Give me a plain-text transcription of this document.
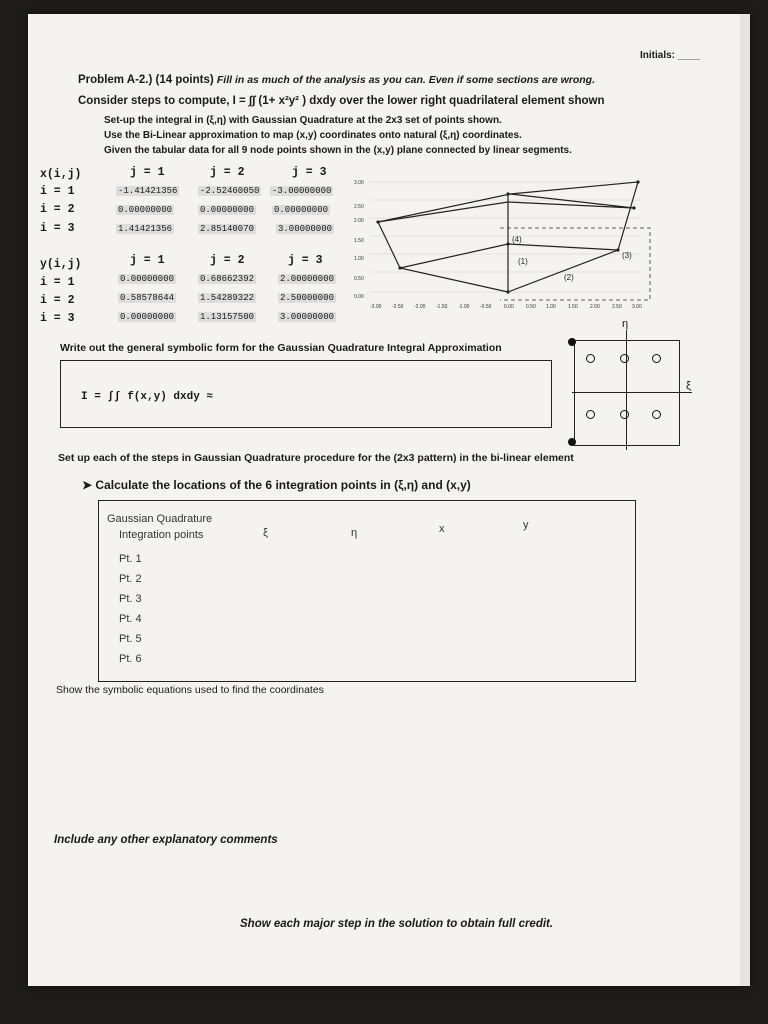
Initials: ____
Problem A-2.) (14 points) Fill in as much of the analysis as you can. Even if some sections are wrong.
Consider steps to compute, I = ∫∫ (1+ x²y² ) dxdy over the lower right quadrilateral element shown
Set-up the integral in (ξ,η) with Gaussian Quadrature at the 2x3 set of points shown.
Use the Bi-Linear approximation to map (x,y) coordinates onto natural (ξ,η) coordinates.
Given the tabular data for all 9 node points shown in the (x,y) plane connected by linear segments.
x(i,j)	j = 1	j = 2	j = 3
i = 1	-1.41421356	-2.52460050 -3.00000000
i = 2	0.00000000	0.00000000 0.00000000
i = 3	1.41421356	2.85140070	3.00000000
y(i,j)	j = 1	j = 2	j = 3
i = 1	0.00000000	0.68662392	2.00000000
i = 2	0.58578644	1.54289322	2.50000000
i = 3	0.00000000	1.13157500	3.00000000
3.00
2.50
2.00
1.50
1.00
0.50
0.00
-3.00 -2.50 -2.00 -1.50 -1.00 -0.50	0.00 0.50 1.00 1.50 2.00 2.50 3.00
(4)
(1)
(2)
(3)
η
ξ
Write out the general symbolic form for the Gaussian Quadrature Integral Approximation
I = ∫∫ f(x,y) dxdy ≈
Set up each of the steps in Gaussian Quadrature procedure for the (2x3 pattern) in the bi-linear element
➤ Calculate the locations of the 6 integration points in (ξ,η) and (x,y)
Gaussian Quadrature
Integration points	ξ	η	x	y
Pt. 1
Pt. 2
Pt. 3
Pt. 4
Pt. 5
Pt. 6
Show the symbolic equations used to find the coordinates
Include any other explanatory comments
Show each major step in the solution to obtain full credit.
